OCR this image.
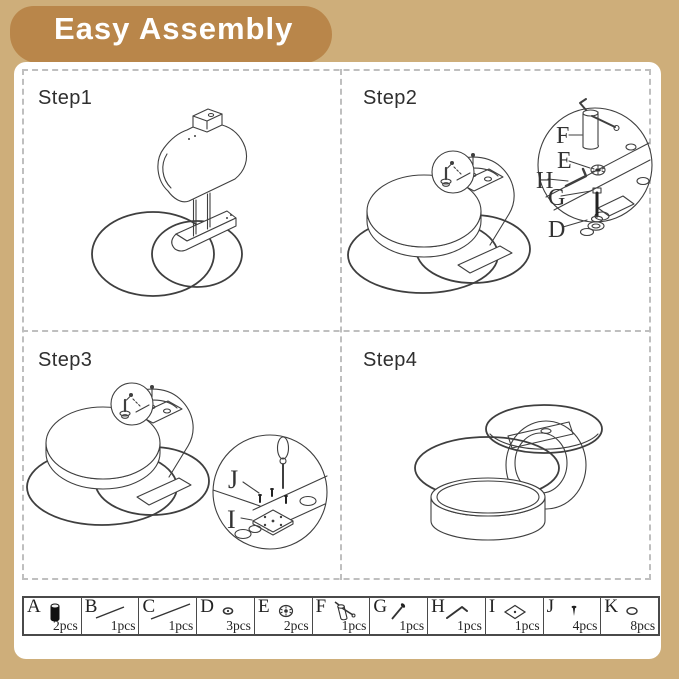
Easy Assembly
Step1	Step2
F
E
H
G
D
Step3
J
I
Step4
A
2pcs
B
1pcs
C
1pcs
D
3pcs
E
2pcs
F
1pcs
G
1pcs
H
1pcs
I
1pcs
J
4pcs
K
8pcs
